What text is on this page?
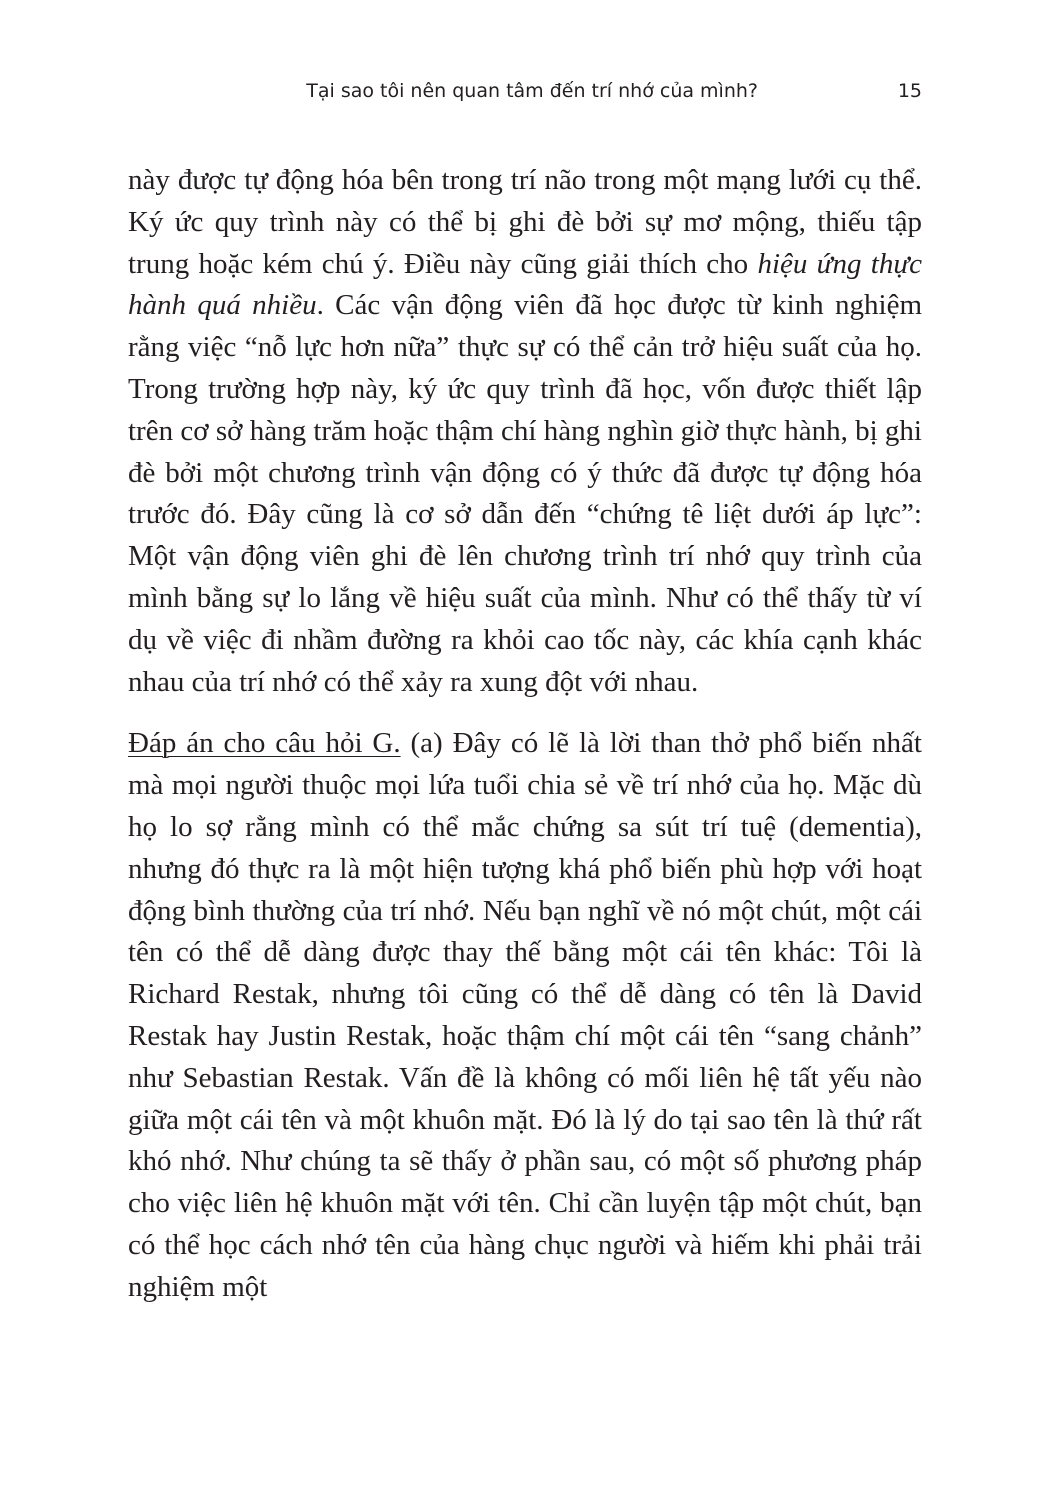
Tại sao tôi nên quan tâm đến trí nhớ của mình?	15

này được tự động hóa bên trong trí não trong một mạng lưới cụ thể. Ký ức quy trình này có thể bị ghi đè bởi sự mơ mộng, thiếu tập trung hoặc kém chú ý. Điều này cũng giải thích cho hiệu ứng thực hành quá nhiều. Các vận động viên đã học được từ kinh nghiệm rằng việc “nỗ lực hơn nữa” thực sự có thể cản trở hiệu suất của họ. Trong trường hợp này, ký ức quy trình đã học, vốn được thiết lập trên cơ sở hàng trăm hoặc thậm chí hàng nghìn giờ thực hành, bị ghi đè bởi một chương trình vận động có ý thức đã được tự động hóa trước đó. Đây cũng là cơ sở dẫn đến “chứng tê liệt dưới áp lực”: Một vận động viên ghi đè lên chương trình trí nhớ quy trình của mình bằng sự lo lắng về hiệu suất của mình. Như có thể thấy từ ví dụ về việc đi nhầm đường ra khỏi cao tốc này, các khía cạnh khác nhau của trí nhớ có thể xảy ra xung đột với nhau.

Đáp án cho câu hỏi G. (a) Đây có lẽ là lời than thở phổ biến nhất mà mọi người thuộc mọi lứa tuổi chia sẻ về trí nhớ của họ. Mặc dù họ lo sợ rằng mình có thể mắc chứng sa sút trí tuệ (dementia), nhưng đó thực ra là một hiện tượng khá phổ biến phù hợp với hoạt động bình thường của trí nhớ. Nếu bạn nghĩ về nó một chút, một cái tên có thể dễ dàng được thay thế bằng một cái tên khác: Tôi là Richard Restak, nhưng tôi cũng có thể dễ dàng có tên là David Restak hay Justin Restak, hoặc thậm chí một cái tên “sang chảnh” như Sebastian Restak. Vấn đề là không có mối liên hệ tất yếu nào giữa một cái tên và một khuôn mặt. Đó là lý do tại sao tên là thứ rất khó nhớ. Như chúng ta sẽ thấy ở phần sau, có một số phương pháp cho việc liên hệ khuôn mặt với tên. Chỉ cần luyện tập một chút, bạn có thể học cách nhớ tên của hàng chục người và hiếm khi phải trải nghiệm một
